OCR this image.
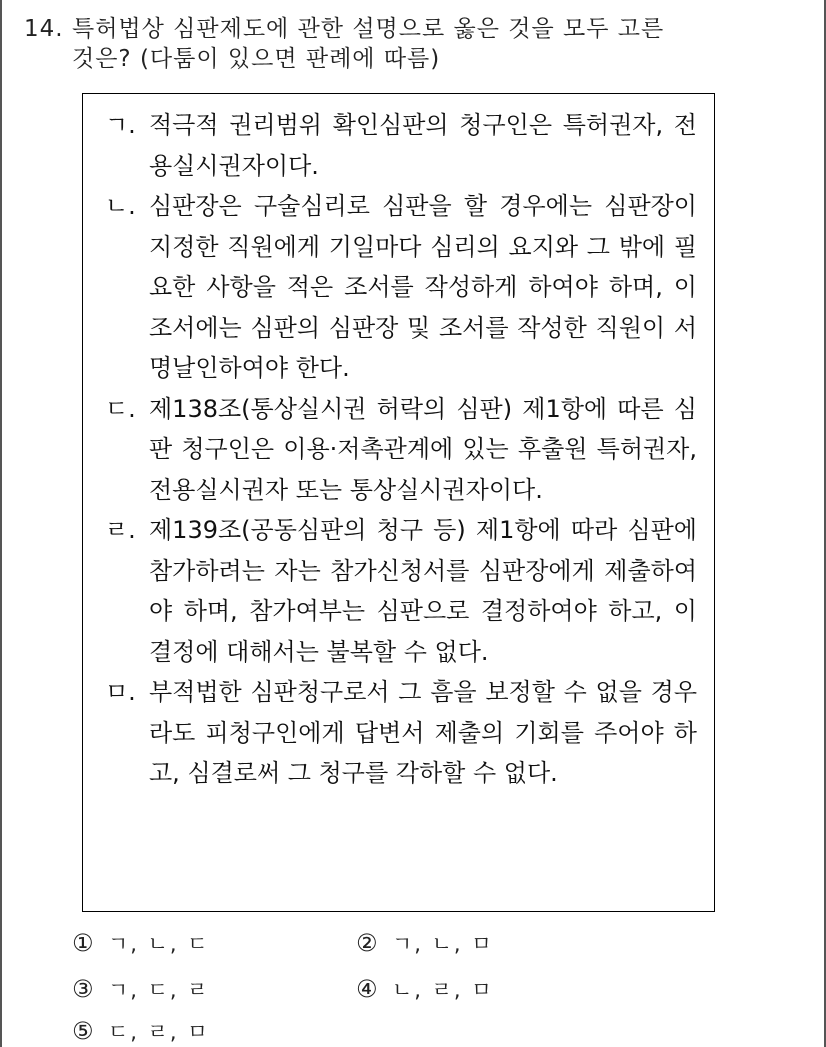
14. 특허법상 심판제도에 관한 설명으로 옳은 것을 모두 고른
것은? (다툼이 있으면 판례에 따름)
ㄱ. 적극적 권리범위 확인심판의 청구인은 특허권자, 전용실시권자이다.
ㄴ. 심판장은 구술심리로 심판을 할 경우에는 심판장이 지정한 직원에게 기일마다 심리의 요지와 그 밖에 필요한 사항을 적은 조서를 작성하게 하여야 하며, 이 조서에는 심판의 심판장 및 조서를 작성한 직원이 서명날인하여야 한다.
ㄷ. 제138조(통상실시권 허락의 심판) 제1항에 따른 심판 청구인은 이용·저촉관계에 있는 후출원 특허권자, 전용실시권자 또는 통상실시권자이다.
ㄹ. 제139조(공동심판의 청구 등) 제1항에 따라 심판에 참가하려는 자는 참가신청서를 심판장에게 제출하여야 하며, 참가여부는 심판으로 결정하여야 하고, 이 결정에 대해서는 불복할 수 없다.
ㅁ. 부적법한 심판청구로서 그 흠을 보정할 수 없을 경우라도 피청구인에게 답변서 제출의 기회를 주어야 하고, 심결로써 그 청구를 각하할 수 없다.
① ㄱ, ㄴ, ㄷ	② ㄱ, ㄴ, ㅁ
③ ㄱ, ㄷ, ㄹ	④ ㄴ, ㄹ, ㅁ
⑤ ㄷ, ㄹ, ㅁ
